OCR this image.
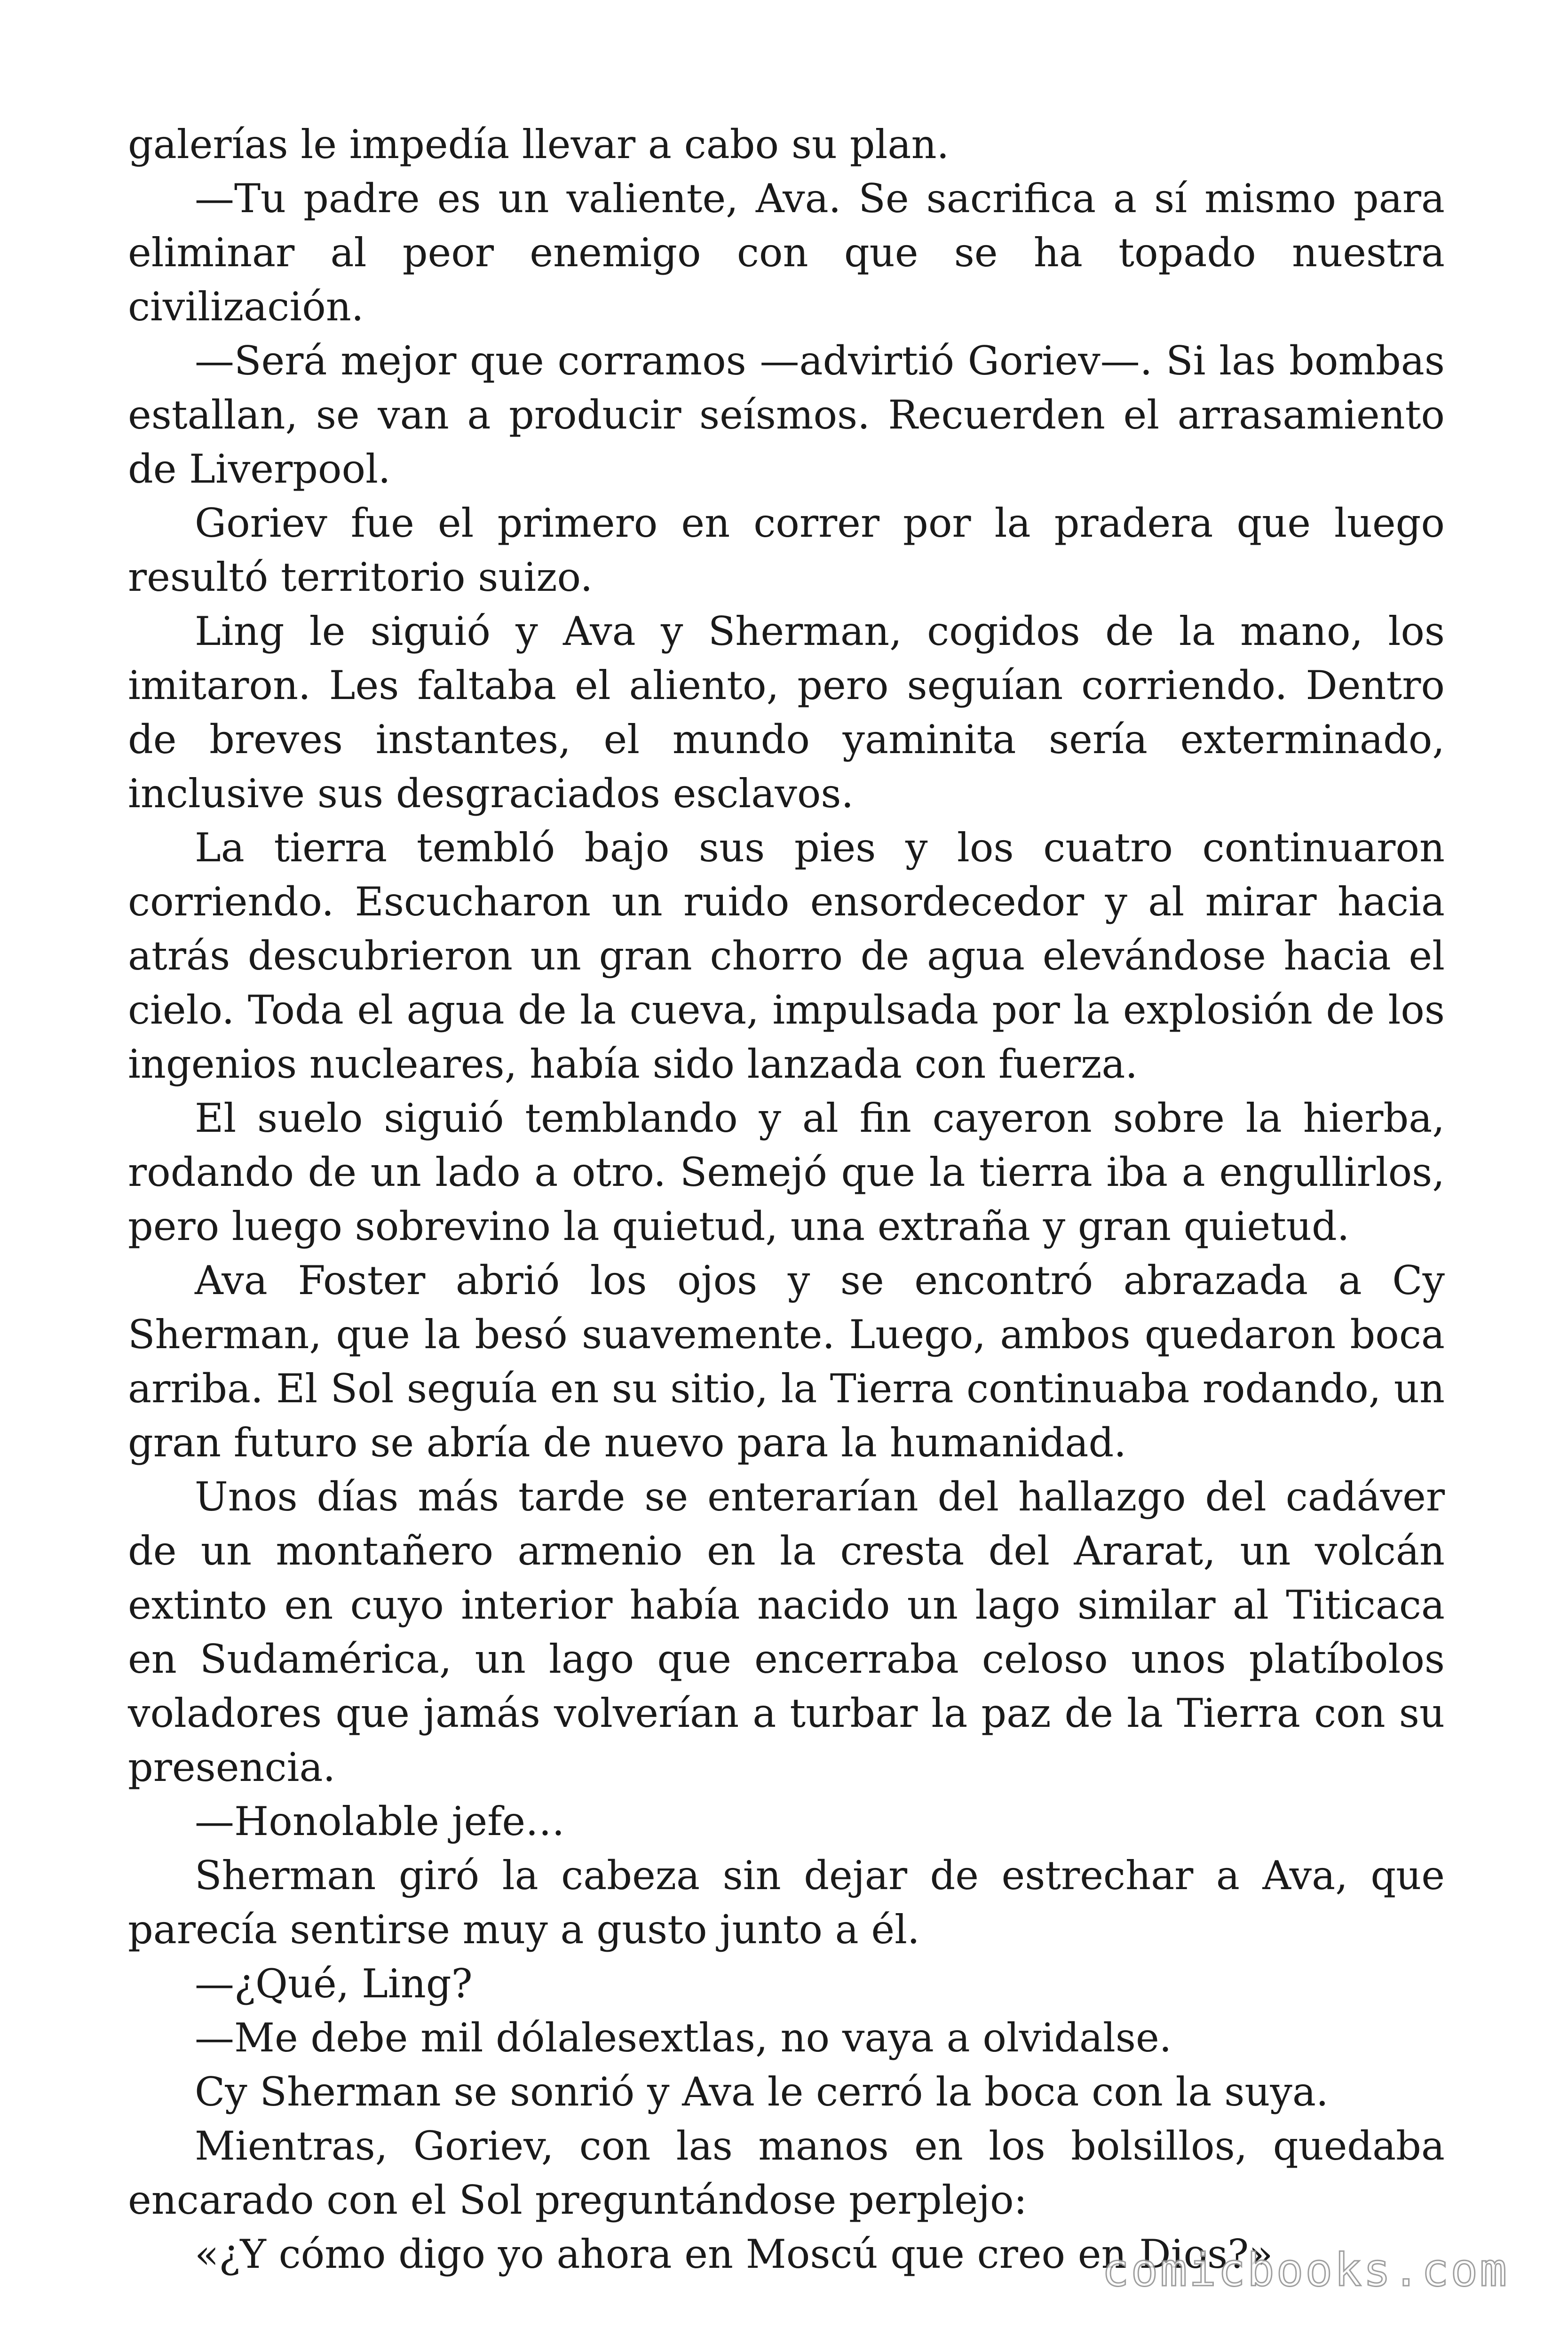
galerías le impedía llevar a cabo su plan.

—Tu padre es un valiente, Ava. Se sacrifica a sí mismo para eliminar al peor enemigo con que se ha topado nuestra civilización.

—Será mejor que corramos —advirtió Goriev—. Si las bombas estallan, se van a producir seísmos. Recuerden el arrasamiento de Liverpool.

Goriev fue el primero en correr por la pradera que luego resultó territorio suizo.

Ling le siguió y Ava y Sherman, cogidos de la mano, los imitaron. Les faltaba el aliento, pero seguían corriendo. Dentro de breves instantes, el mundo yaminita sería exterminado, inclusive sus desgraciados esclavos.

La tierra tembló bajo sus pies y los cuatro continuaron corriendo. Escucharon un ruido ensordecedor y al mirar hacia atrás descubrieron un gran chorro de agua elevándose hacia el cielo. Toda el agua de la cueva, impulsada por la explosión de los ingenios nucleares, había sido lanzada con fuerza.

El suelo siguió temblando y al fin cayeron sobre la hierba, rodando de un lado a otro. Semejó que la tierra iba a engullirlos, pero luego sobrevino la quietud, una extraña y gran quietud.

Ava Foster abrió los ojos y se encontró abrazada a Cy Sherman, que la besó suavemente. Luego, ambos quedaron boca arriba. El Sol seguía en su sitio, la Tierra continuaba rodando, un gran futuro se abría de nuevo para la humanidad.

Unos días más tarde se enterarían del hallazgo del cadáver de un montañero armenio en la cresta del Ararat, un volcán extinto en cuyo interior había nacido un lago similar al Titicaca en Sudamérica, un lago que encerraba celoso unos platíbolos voladores que jamás volverían a turbar la paz de la Tierra con su presencia.

—Honolable jefe…

Sherman giró la cabeza sin dejar de estrechar a Ava, que parecía sentirse muy a gusto junto a él.

—¿Qué, Ling?

—Me debe mil dólalesextlas, no vaya a olvidalse.

Cy Sherman se sonrió y Ava le cerró la boca con la suya.

Mientras, Goriev, con las manos en los bolsillos, quedaba encarado con el Sol preguntándose perplejo:

«¿Y cómo digo yo ahora en Moscú que creo en Dios?»

comicbooks.com
